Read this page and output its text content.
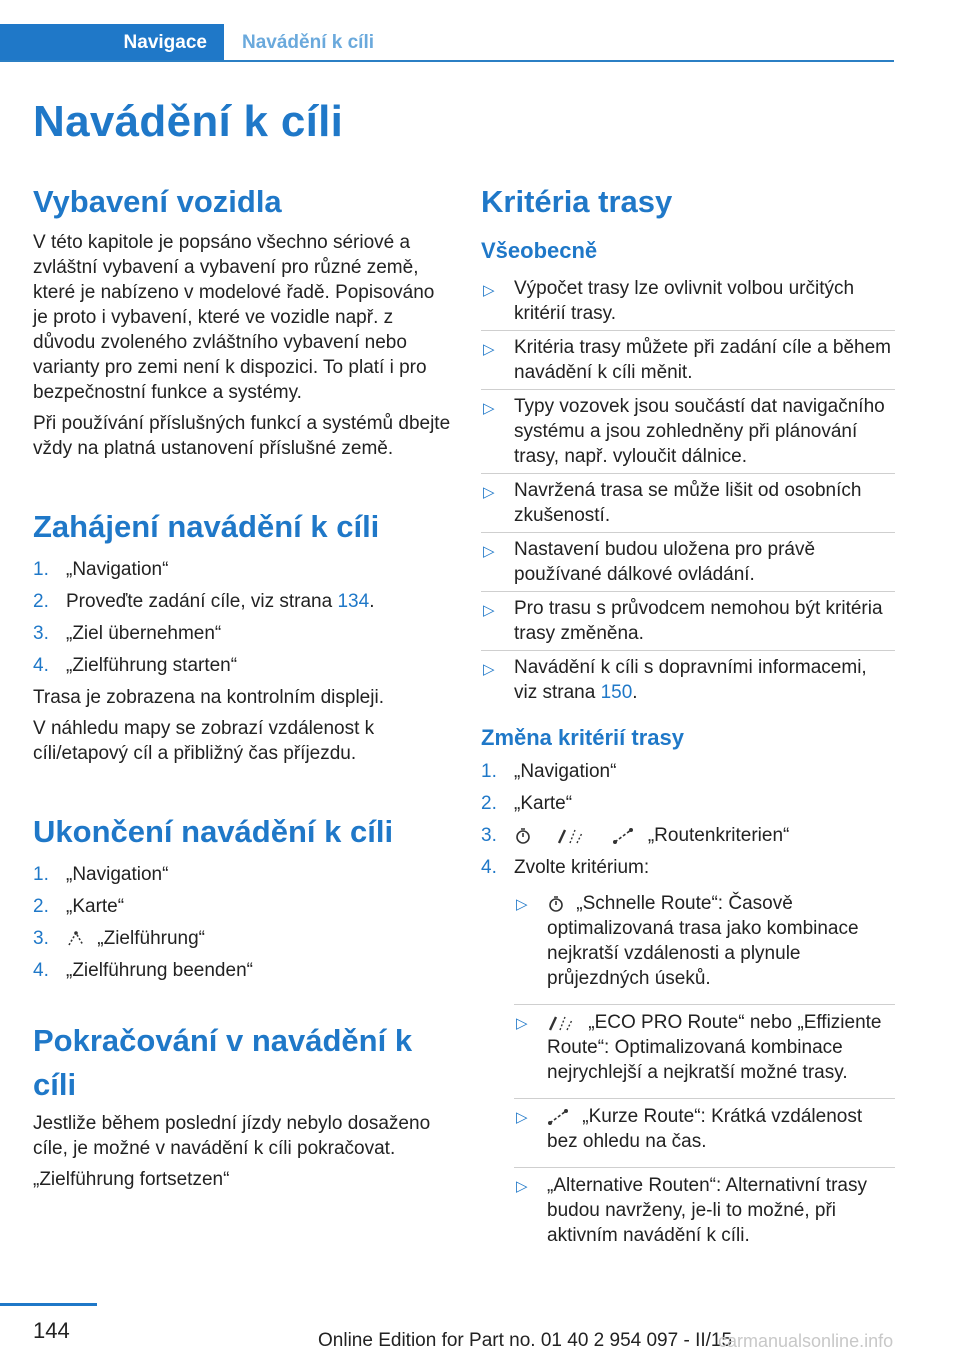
Navigace	Navádění k cíli
Navádění k cíli
Vybavení vozidla

V této kapitole je popsáno všechno sériové a zvláštní vybavení a vybavení pro různé země, které je nabízeno v modelové řadě. Popisováno je proto i vybavení, které ve vozidle např. z důvodu zvoleného zvláštního vybavení nebo varianty pro zemi není k dispozici. To platí i pro bezpečnostní funkce a systémy.

Při používání příslušných funkcí a systémů dbejte vždy na platná ustanovení příslušné země.

Zahájení navádění k cíli
1. „Navigation“
2. Proveďte zadání cíle, viz strana 134.
3. „Ziel übernehmen“
4. „Zielführung starten“

Trasa je zobrazena na kontrolním displeji.

V náhledu mapy se zobrazí vzdálenost k cíli/etapový cíl a přibližný čas příjezdu.

Ukončení navádění k cíli
1. „Navigation“
2. „Karte“
3.	„Zielführung“
4. „Zielführung beenden“
Pokračování v navádění k cíli

Jestliže během poslední jízdy nebylo dosaženo cíle, je možné v navádění k cíli pokračovat.

„Zielführung fortsetzen“

Kritéria trasy
Všeobecně
▷ Výpočet trasy lze ovlivnit volbou určitých kritérií trasy.
▷ Kritéria trasy můžete při zadání cíle a během navádění k cíli měnit.
▷ Typy vozovek jsou součástí dat navigačního systému a jsou zohledněny při plánování trasy, např. vyloučit dálnice.
▷ Navržená trasa se může lišit od osobních zkušeností.
▷ Nastavení budou uložena pro právě používané dálkové ovládání.
▷ Pro trasu s průvodcem nemohou být kritéria trasy změněna.
▷ Navádění k cíli s dopravními informacemi, viz strana 150.
Změna kritérií trasy
1. „Navigation“
2. „Karte“
3.	„Routenkriterien“
4. Zvolte kritérium:
▷	„Schnelle Route“: Časově optimalizovaná trasa jako kombinace nejkratší vzdálenosti a plynule průjezdných úseků.
▷	„ECO PRO Route“ nebo „Effiziente Route“: Optimalizovaná kombinace nejrychlejší a nejkratší možné trasy.
▷	„Kurze Route“: Krátká vzdálenost bez ohledu na čas.
▷ „Alternative Routen“: Alternativní trasy budou navrženy, je-li to možné, při aktivním navádění k cíli.
144	Online Edition for Part no. 01 40 2 954 097 - II/15
carmanualsonline.info
